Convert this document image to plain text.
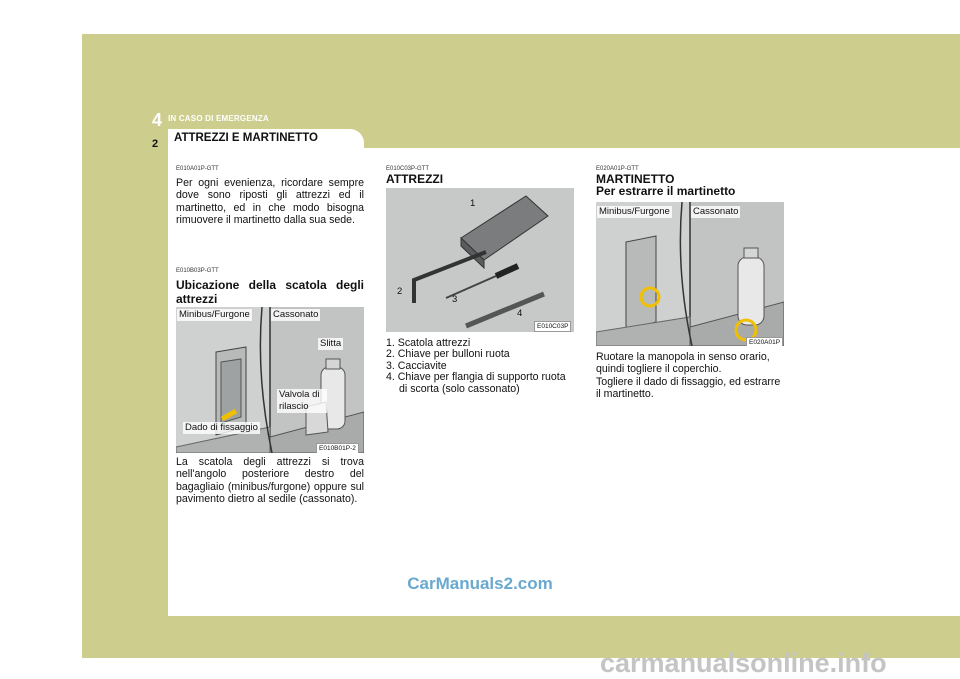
4 IN CASO DI EMERGENZA
ATTREZZI E MARTINETTO
2
E010A01P-GTT
Per ogni evenienza, ricordare sempre dove sono riposti gli attrezzi ed il martinetto, ed in che modo bisogna rimuovere il martinetto dalla sua sede.
E010B03P-GTT
Ubicazione della scatola degli attrezzi
Minibus/Furgone Cassonato
Slitta
Valvola di rilascio
Dado di fissaggio
E010B01P-2
La scatola degli attrezzi si trova nell'angolo posteriore destro del bagagliaio (minibus/furgone) oppure sul pavimento dietro al sedile (cassonato).
E010C03P-GTT
ATTREZZI
1
2
3
4
E010C03P
1. Scatola attrezzi
2. Chiave per bulloni ruota
3. Cacciavite
4. Chiave per flangia di supporto ruota
di scorta (solo cassonato)
E020A01P-GTT
MARTINETTO
Per estrarre il martinetto
Minibus/Furgone Cassonato
E020A01P
Ruotare la manopola in senso orario, quindi togliere il coperchio.
Togliere il dado di fissaggio, ed estrarre il martinetto.
CarManuals2.com
carmanualsonline.info
